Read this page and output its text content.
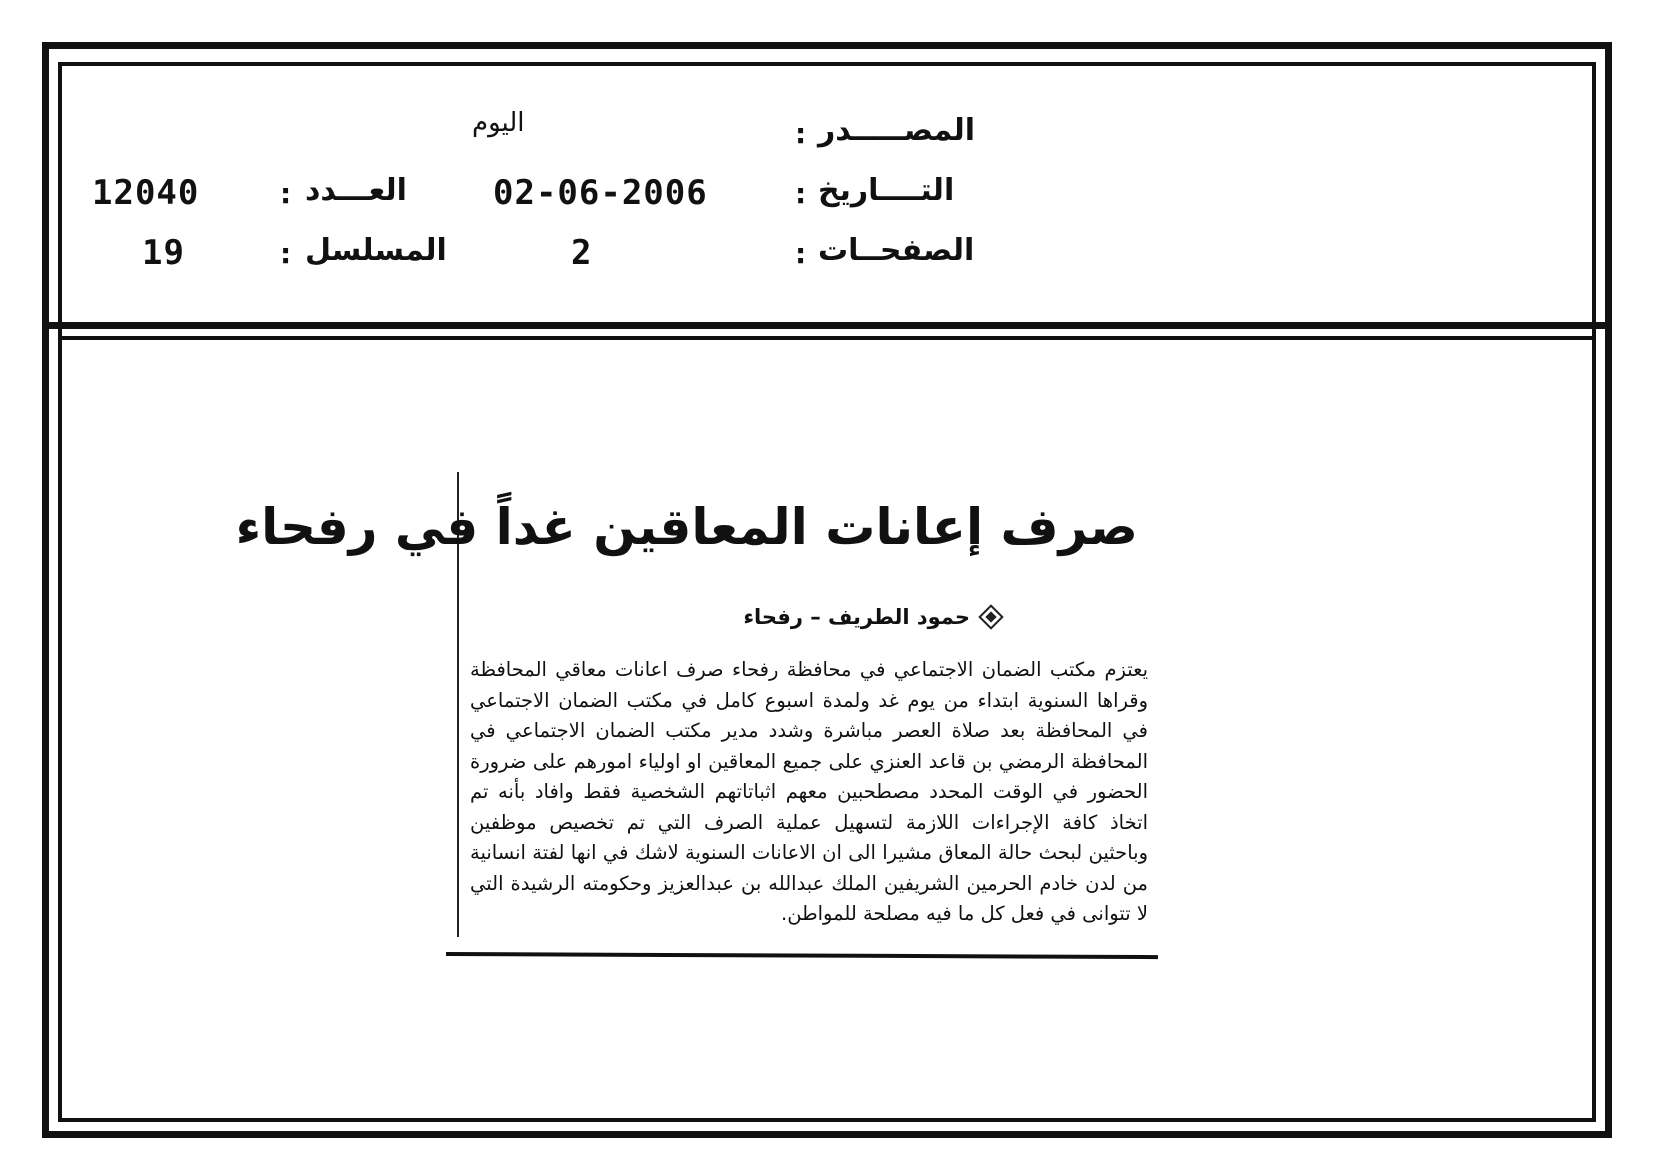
المصـــــدر
:
اليوم
التــــاريخ
:
02-06-2006
العـــدد
:
12040
الصفحــات
:
2
المسلسل
:
19
صرف إعانات المعاقين غداً في رفحاء
حمود الطريف – رفحاء
يعتزم مكتب الضمان الاجتماعي في محافظة رفحاء صرف اعانات معاقي المحافظة وقراها السنوية ابتداء من يوم غد ولمدة اسبوع كامل في مكتب الضمان الاجتماعي في المحافظة بعد صلاة العصر مباشرة وشدد مدير مكتب الضمان الاجتماعي في المحافظة الرمضي بن قاعد العنزي على جميع المعاقين او اولياء امورهم على ضرورة الحضور في الوقت المحدد مصطحبين معهم اثباتاتهم الشخصية فقط وافاد بأنه تم اتخاذ كافة الإجراءات اللازمة لتسهيل عملية الصرف التي تم تخصيص موظفين وباحثين لبحث حالة المعاق مشيرا الى ان الاعانات السنوية لاشك في انها لفتة انسانية من لدن خادم الحرمين الشريفين الملك عبدالله بن عبدالعزيز وحكومته الرشيدة التي لا تتوانى في فعل كل ما فيه مصلحة للمواطن.
